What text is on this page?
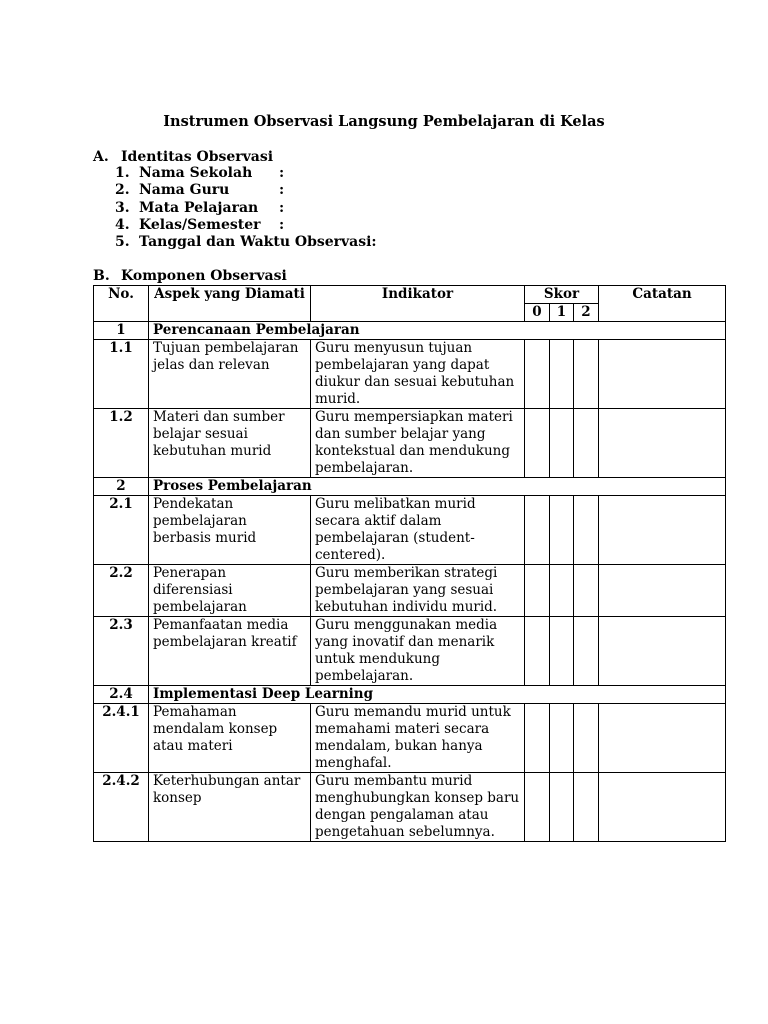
Instrumen Observasi Langsung Pembelajaran di Kelas
A. Identitas Observasi
1. Nama Sekolah :
2. Nama Guru	:
3. Mata Pelajaran :
4. Kelas/Semester :
5. Tanggal dan Waktu Observasi:
B. Komponen Observasi
No.	Aspek yang Diamati	Indikator	Skor			Catatan
			0	1	2	
1	Perencanaan Pembelajaran					
1.1	Tujuan pembelajaran jelas dan relevan	Guru menyusun tujuan pembelajaran yang dapat diukur dan sesuai kebutuhan murid.				
1.2	Materi dan sumber belajar sesuai kebutuhan murid	Guru mempersiapkan materi dan sumber belajar yang kontekstual dan mendukung pembelajaran.				
2	Proses Pembelajaran					
2.1	Pendekatan pembelajaran berbasis murid	Guru melibatkan murid secara aktif dalam pembelajaran (student-centered).				
2.2	Penerapan diferensiasi pembelajaran	Guru memberikan strategi pembelajaran yang sesuai kebutuhan individu murid.				
2.3	Pemanfaatan media pembelajaran kreatif	Guru menggunakan media yang inovatif dan menarik untuk mendukung pembelajaran.				
2.4	Implementasi Deep Learning					
2.4.1	Pemahaman mendalam konsep atau materi	Guru memandu murid untuk memahami materi secara mendalam, bukan hanya menghafal.				
2.4.2	Keterhubungan antar konsep	Guru membantu murid menghubungkan konsep baru dengan pengalaman atau pengetahuan sebelumnya.				
